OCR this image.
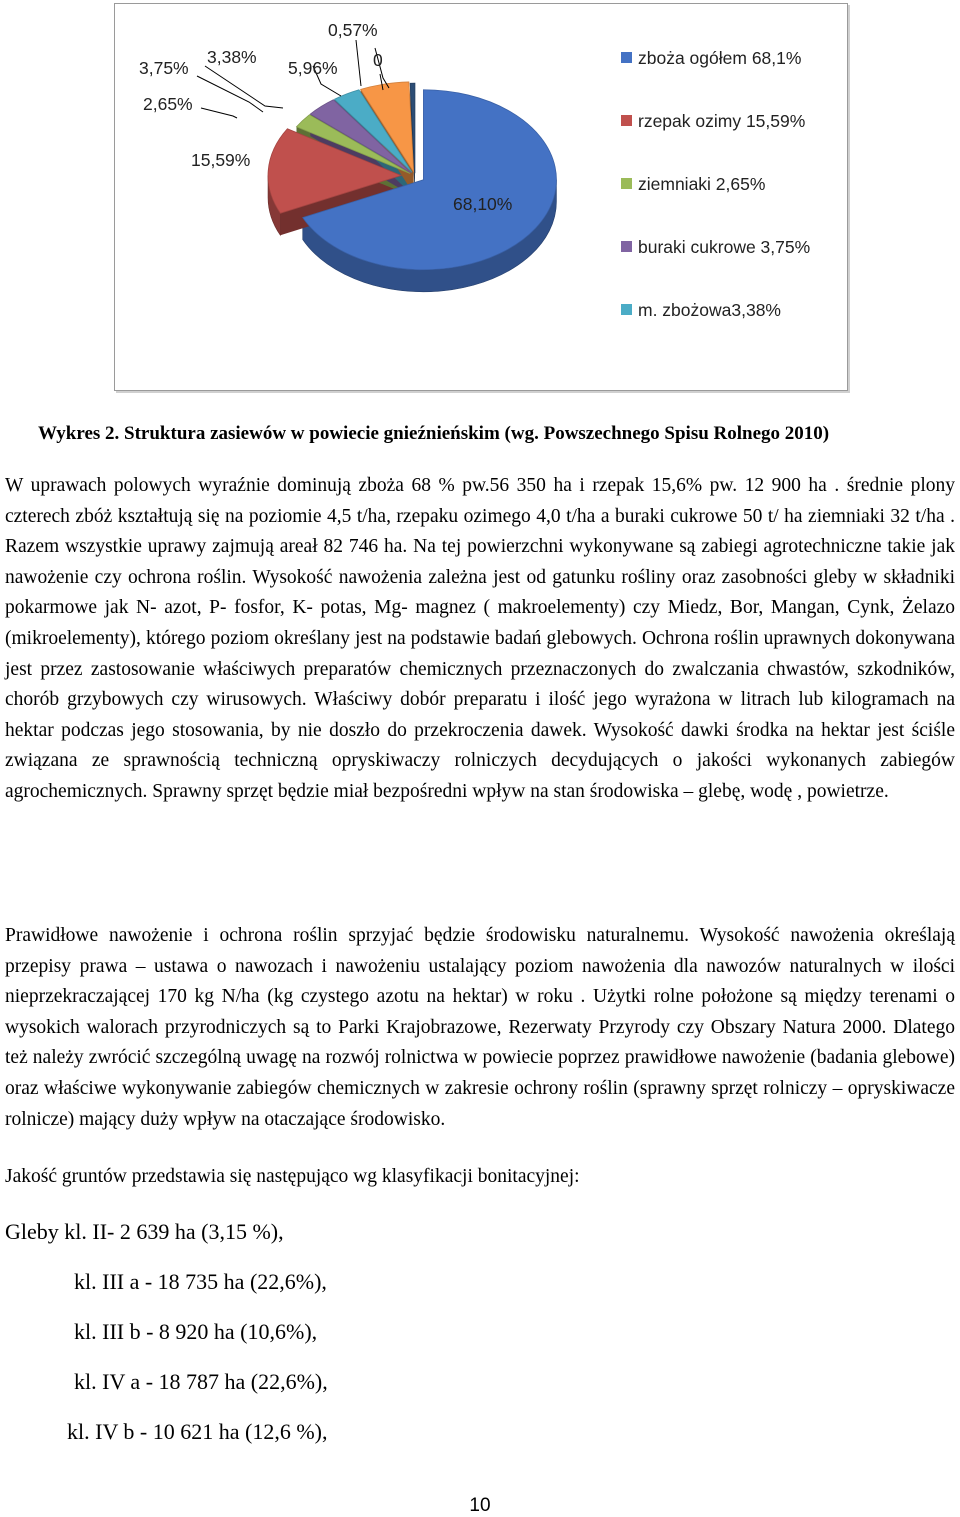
68,10%
15,59%
2,65%
3,75%
3,38%
5,96%
0,57%
0	zboża ogółem 68,1%
rzepak ozimy 15,59%
ziemniaki 2,65%
buraki cukrowe 3,75%
m. zbożowa3,38%
Wykres 2. Struktura zasiewów w powiecie gnieźnieńskim (wg. Powszechnego Spisu Rolnego 2010)

W uprawach polowych wyraźnie dominują zboża 68 % pw.56 350 ha i rzepak 15,6% pw. 12 900 ha . średnie plony czterech zbóż kształtują się na poziomie 4,5 t/ha, rzepaku ozimego 4,0 t/ha a buraki cukrowe 50 t/ ha ziemniaki 32 t/ha . Razem wszystkie uprawy zajmują areał 82 746 ha. Na tej powierzchni wykonywane są zabiegi agrotechniczne takie jak nawożenie czy ochrona roślin. Wysokość nawożenia zależna jest od gatunku rośliny oraz zasobności gleby w składniki pokarmowe jak N- azot, P- fosfor, K- potas, Mg- magnez ( makroelementy) czy Miedz, Bor, Mangan, Cynk, Żelazo (mikroelementy), którego poziom określany jest na podstawie badań glebowych. Ochrona roślin uprawnych dokonywana jest przez zastosowanie właściwych preparatów chemicznych przeznaczonych do zwalczania chwastów, szkodników, chorób grzybowych czy wirusowych. Właściwy dobór preparatu i ilość jego wyrażona w litrach lub kilogramach na hektar podczas jego stosowania, by nie doszło do przekroczenia dawek. Wysokość dawki środka na hektar jest ściśle związana ze sprawnością techniczną opryskiwaczy rolniczych decydujących o jakości wykonanych zabiegów agrochemicznych. Sprawny sprzęt będzie miał bezpośredni wpływ na stan środowiska – glebę, wodę , powietrze.

Prawidłowe nawożenie i ochrona roślin sprzyjać będzie środowisku naturalnemu. Wysokość nawożenia określają przepisy prawa – ustawa o nawozach i nawożeniu ustalający poziom nawożenia dla nawozów naturalnych w ilości nieprzekraczającej 170 kg N/ha (kg czystego azotu na hektar) w roku . Użytki rolne położone są między terenami o wysokich walorach przyrodniczych są to Parki Krajobrazowe, Rezerwaty Przyrody czy Obszary Natura 2000. Dlatego też należy zwrócić szczególną uwagę na rozwój rolnictwa w powiecie poprzez prawidłowe nawożenie (badania glebowe) oraz właściwe wykonywanie zabiegów chemicznych w zakresie ochrony roślin (sprawny sprzęt rolniczy – opryskiwacze rolnicze) mający duży wpływ na otaczające środowisko.

Jakość gruntów przedstawia się następująco wg klasyfikacji bonitacyjnej:
Gleby kl. II- 2 639 ha (3,15 %),
kl. III a - 18 735 ha (22,6%),
kl. III b - 8 920 ha (10,6%),
kl. IV a - 18 787 ha (22,6%),
kl. IV b - 10 621 ha (12,6 %),
10
